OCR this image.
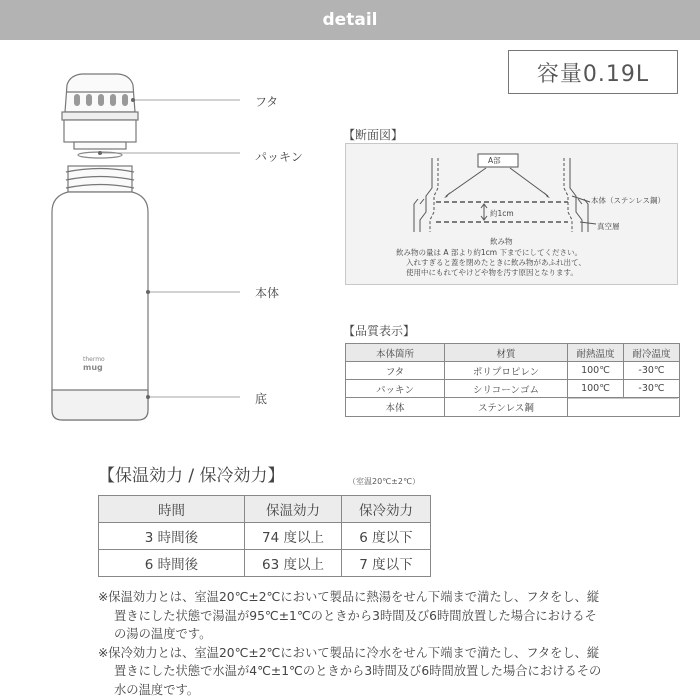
detail
容量0.19L
thermo
mug
フタ
パッキン
本体
底
【断面図】
A部
本体（ステンレス鋼）
真空層
約1cm
飲み物
飲み物の量は A 部より約1cm 下までにしてください。
入れすぎると蓋を閉めたときに飲み物があふれ出て、
使用中にもれてやけどや物を汚す原因となります。
【品質表示】
本体箇所	材質	耐熱温度	耐冷温度
フタ	ポリプロピレン	100℃	-30℃
パッキン	シリコーンゴム	100℃	-30℃
本体	ステンレス鋼	
【保温効力 / 保冷効力】	（室温20℃±2℃）
時間	保温効力	保冷効力
3 時間後	74 度以上	6 度以下
6 時間後	63 度以上	7 度以下

※保温効力とは、室温20℃±2℃において製品に熱湯をせん下端まで満たし、フタをし、縦置きにした状態で湯温が95℃±1℃のときから3時間及び6時間放置した場合におけるその湯の温度です。

※保冷効力とは、室温20℃±2℃において製品に冷水をせん下端まで満たし、フタをし、縦置きにした状態で水温が4℃±1℃のときから3時間及び6時間放置した場合におけるその水の温度です。
